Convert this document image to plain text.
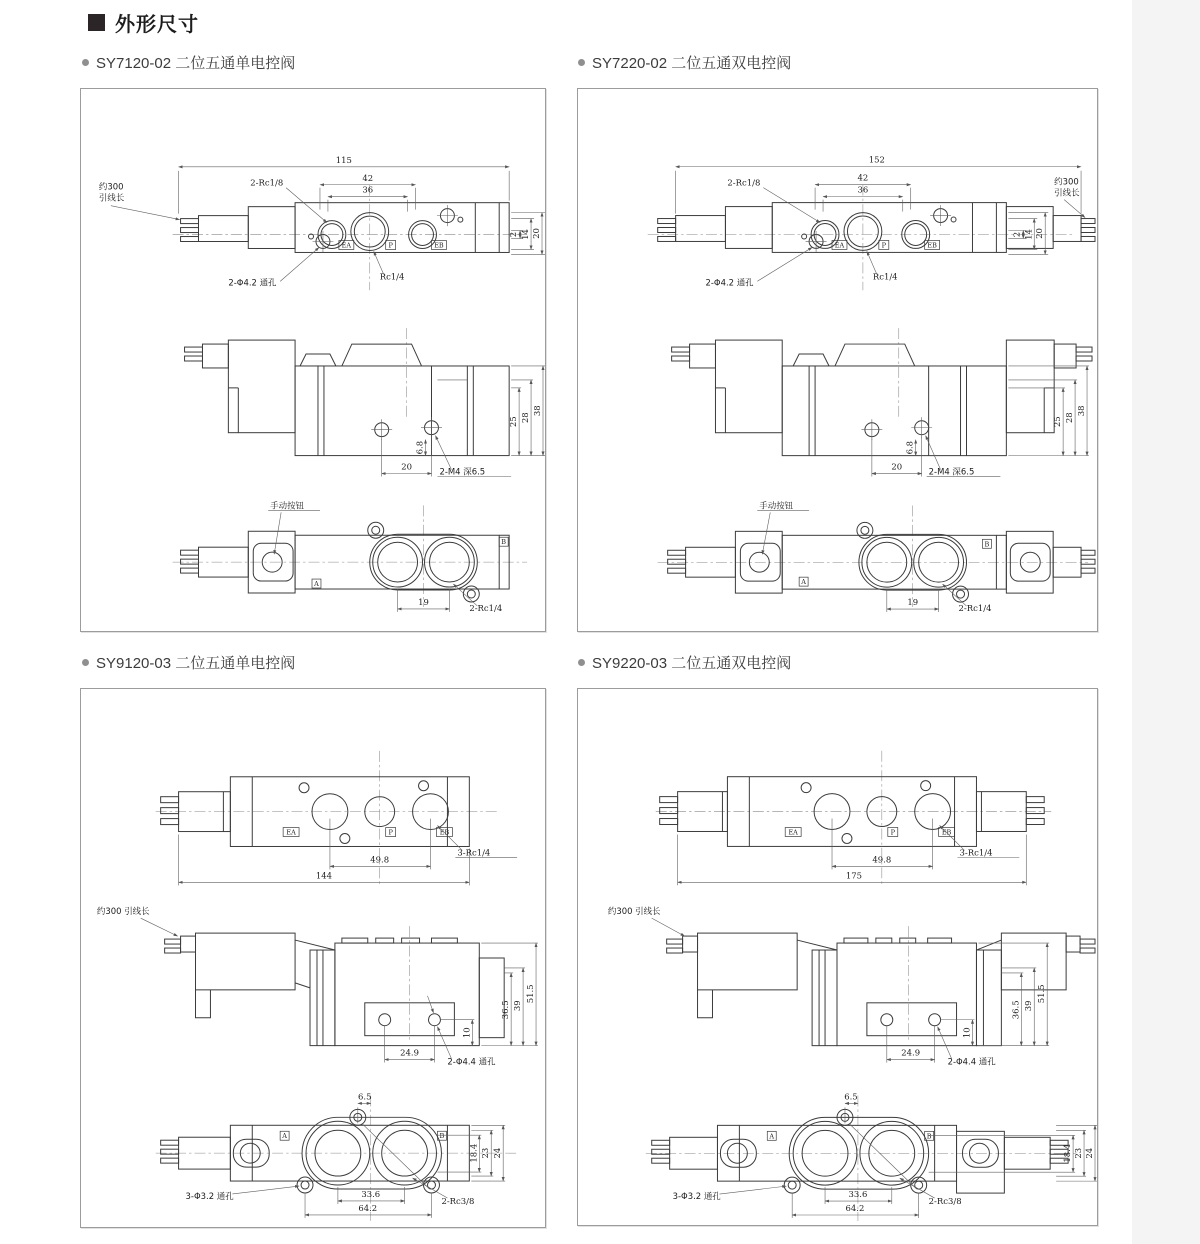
外形尺寸
SY7120-02 二位五通单电控阀	SY7220-02 二位五通双电控阀
SY9120-03 二位五通单电控阀	SY9220-03 二位五通双电控阀
EA	P	EB
115
42
36
2 14 20
2-Rc1/8
Rc1/4
2-Φ4.2 通孔
约300
引线长
20
6.8
2-M4 深6.5
25 28
38
A
B
手动按钮
19
2-Rc1/4
EA	P	EB
152
42
36
2 14 20
2-Rc1/8
Rc1/4
2-Φ4.2 通孔
约300
引线长
20
6.8
2-M4 深6.5
25 28
38
A
B
手动按钮
19
2-Rc1/4
EA	P	EB
49.8
144
3-Rc1/4
24.9
2-Φ4.4 通孔
10
36.5 39
51.5
约300 引线长
A	B
6.5
18.4 23 24
33.6
64.2
3-Φ3.2 通孔	2-Rc3/8
EA	P	EB
49.8
175
3-Rc1/4
24.9
2-Φ4.4 通孔
10
36.5 39
51.5
约300 引线长
A	B
6.5
18.4 23 24
33.6
64.2
3-Φ3.2 通孔	2-Rc3/8
